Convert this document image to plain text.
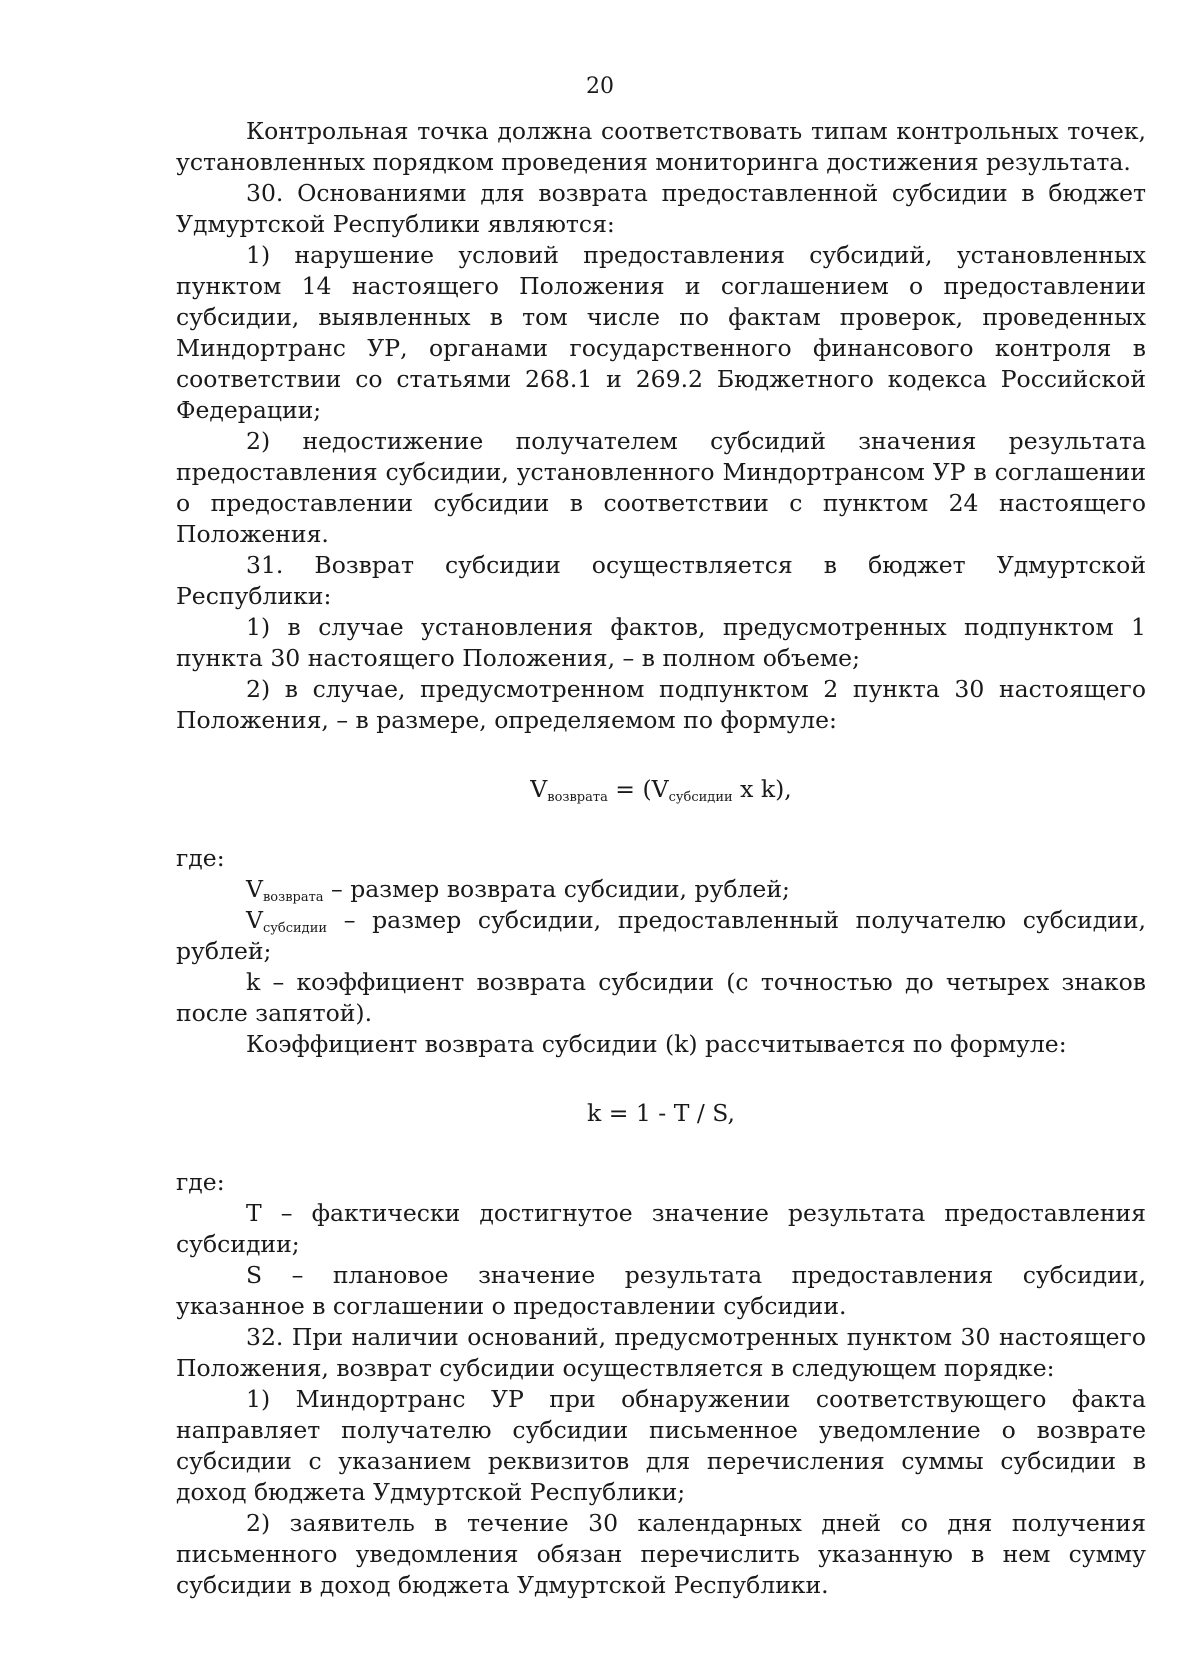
20

Контрольная точка должна соответствовать типам контрольных точек, установленных порядком проведения мониторинга достижения результата.

30. Основаниями для возврата предоставленной субсидии в бюджет Удмуртской Республики являются:

1) нарушение условий предоставления субсидий, установленных пунктом 14 настоящего Положения и соглашением о предоставлении субсидии, выявленных в том числе по фактам проверок, проведенных Миндортранс УР, органами государственного финансового контроля в соответствии со статьями 268.1 и 269.2 Бюджетного кодекса Российской Федерации;

2) недостижение получателем субсидий значения результата предоставления субсидии, установленного Миндортрансом УР в соглашении о предоставлении субсидии в соответствии с пунктом 24 настоящего Положения.

31. Возврат субсидии осуществляется в бюджет Удмуртской Республики:

1) в случае установления фактов, предусмотренных подпунктом 1 пункта 30 настоящего Положения, – в полном объеме;

2) в случае, предусмотренном подпунктом 2 пункта 30 настоящего Положения, – в размере, определяемом по формуле:

$V_{возврата} = (V_{субсидии}$ x k),

где:

$V_{возврата}$ – размер возврата субсидии, рублей;

$V_{субсидии}$ – размер субсидии, предоставленный получателю субсидии, рублей;

k – коэффициент возврата субсидии (с точностью до четырех знаков после запятой).

Коэффициент возврата субсидии (k) рассчитывается по формуле:

k = 1 - T / S,

где:

T – фактически достигнутое значение результата предоставления субсидии;

S – плановое значение результата предоставления субсидии, указанное в соглашении о предоставлении субсидии.

32. При наличии оснований, предусмотренных пунктом 30 настоящего Положения, возврат субсидии осуществляется в следующем порядке:

1) Миндортранс УР при обнаружении соответствующего факта направляет получателю субсидии письменное уведомление о возврате субсидии с указанием реквизитов для перечисления суммы субсидии в доход бюджета Удмуртской Республики;

2) заявитель в течение 30 календарных дней со дня получения письменного уведомления обязан перечислить указанную в нем сумму субсидии в доход бюджета Удмуртской Республики.
